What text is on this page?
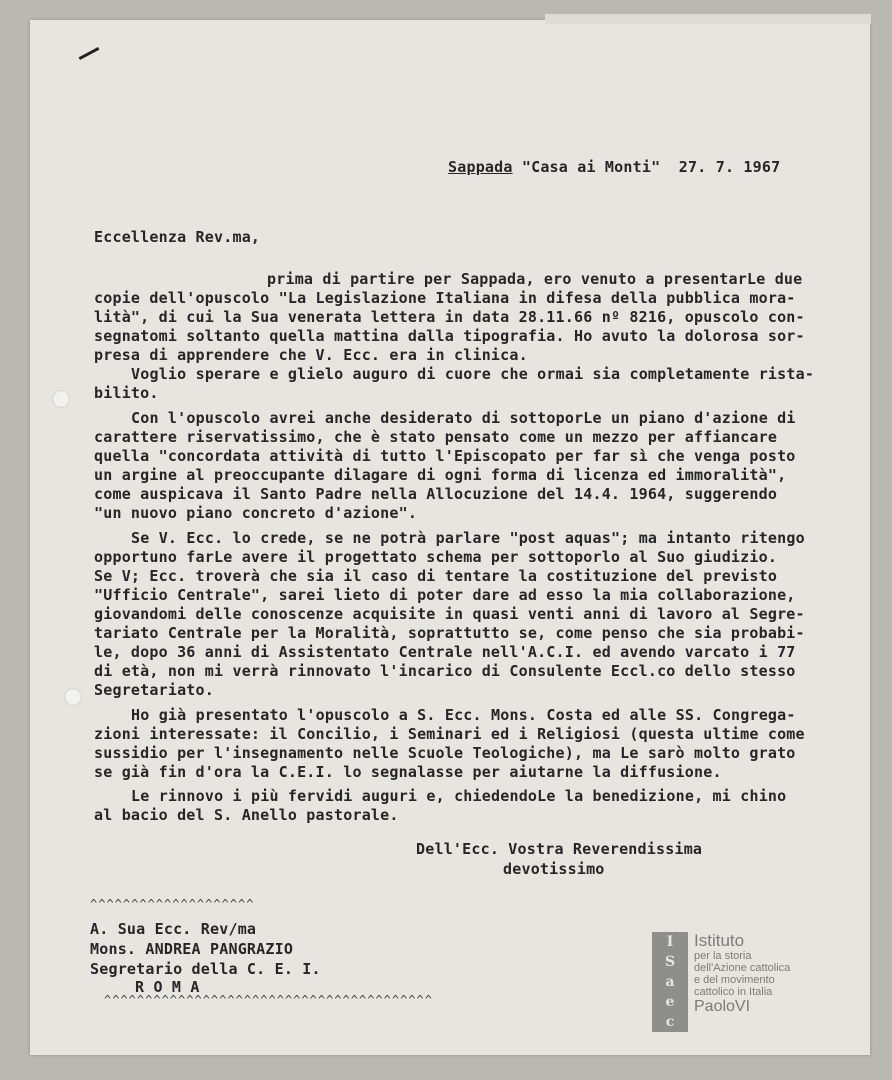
Sappada "Casa ai Monti" 27. 7. 1967
Eccellenza Rev.ma,
prima di partire per Sappada, ero venuto a presentarLe due
copie dell'opuscolo "La Legislazione Italiana in difesa della pubblica mora-
lità", di cui la Sua venerata lettera in data 28.11.66 nº 8216, opuscolo con-
segnatomi soltanto quella mattina dalla tipografia. Ho avuto la dolorosa sor-
presa di apprendere che V. Ecc. era in clinica.
Voglio sperare e glielo auguro di cuore che ormai sia completamente rista-
bilito.
Con l'opuscolo avrei anche desiderato di sottoporLe un piano d'azione di
carattere riservatissimo, che è stato pensato come un mezzo per affiancare
quella "concordata attività di tutto l'Episcopato per far sì che venga posto
un argine al preoccupante dilagare di ogni forma di licenza ed immoralità",
come auspicava il Santo Padre nella Allocuzione del 14.4. 1964, suggerendo
"un nuovo piano concreto d'azione".
Se V. Ecc. lo crede, se ne potrà parlare "post aquas"; ma intanto ritengo
opportuno farLe avere il progettato schema per sottoporlo al Suo giudizio.
Se V; Ecc. troverà che sia il caso di tentare la costituzione del previsto
"Ufficio Centrale", sarei lieto di poter dare ad esso la mia collaborazione,
giovandomi delle conoscenze acquisite in quasi venti anni di lavoro al Segre-
tariato Centrale per la Moralità, soprattutto se, come penso che sia probabi-
le, dopo 36 anni di Assistentato Centrale nell'A.C.I. ed avendo varcato i 77
di età, non mi verrà rinnovato l'incarico di Consulente Eccl.co dello stesso
Segretariato.
Ho già presentato l'opuscolo a S. Ecc. Mons. Costa ed alle SS. Congrega-
zioni interessate: il Concilio, i Seminari ed i Religiosi (questa ultime come
sussidio per l'insegnamento nelle Scuole Teologiche), ma Le sarò molto grato
se già fin d'ora la C.E.I. lo segnalasse per aiutarne la diffusione.
Le rinnovo i più fervidi auguri e, chiedendoLe la benedizione, mi chino
al bacio del S. Anello pastorale.
Dell'Ecc. Vostra Reverendissima
devotissimo
^^^^^^^^^^^^^^^^^^^^
A. Sua Ecc. Rev/ma
Mons. ANDREA PANGRAZIO
Segretario della C. E. I.
R O M A
^^^^^^^^^^^^^^^^^^^^^^^^^^^^^^^^^^^^^^^^
I
S
a
e
c
Istituto
per la storia
dell'Azione cattolica
e del movimento
cattolico in Italia
PaoloVI
